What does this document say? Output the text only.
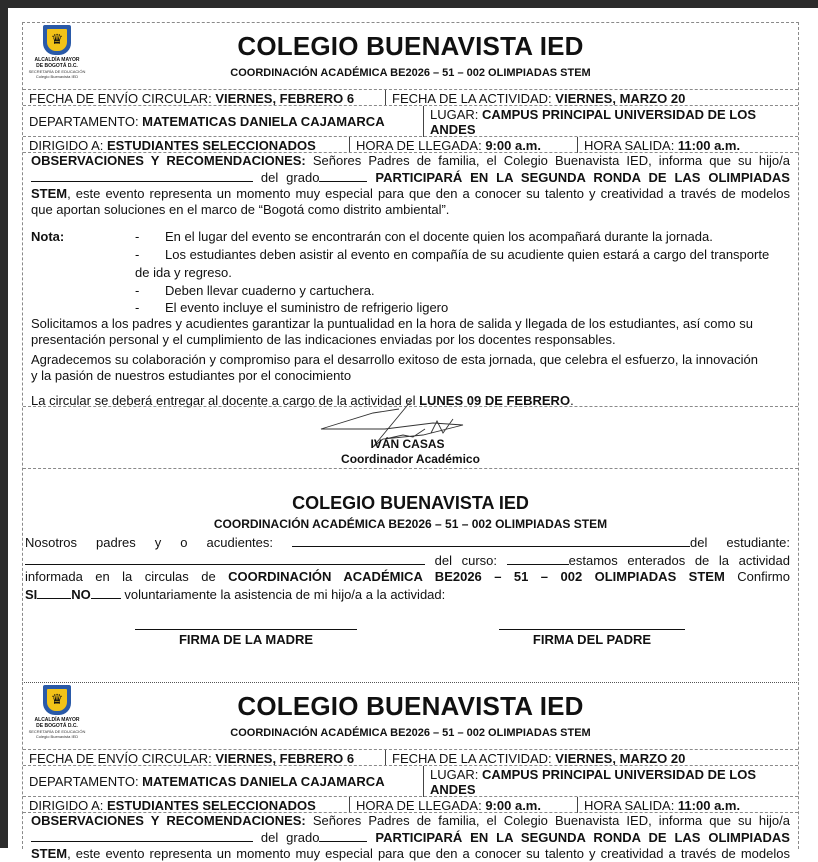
♛
ALCALDÍA MAYOR
DE BOGOTÁ D.C.
SECRETARÍA DE EDUCACIÓN
Colegio Buenavista IED
COLEGIO BUENAVISTA IED
COORDINACIÓN ACADÉMICA BE2026 – 51 – 002 OLIMPIADAS STEM
FECHA DE ENVÍO CIRCULAR: VIERNES, FEBRERO 6	FECHA DE LA ACTIVIDAD: VIERNES, MARZO 20
DEPARTAMENTO: MATEMATICAS DANIELA CAJAMARCA	LUGAR: CAMPUS PRINCIPAL UNIVERSIDAD DE LOS ANDES
DIRIGIDO A: ESTUDIANTES SELECCIONADOS	HORA DE LLEGADA: 9:00 a.m.	HORA SALIDA: 11:00 a.m.
OBSERVACIONES Y RECOMENDACIONES: Señores Padres de familia, el Colegio Buenavista IED, informa que su hijo/a
del grado	PARTICIPARÁ EN LA SEGUNDA RONDA DE LAS OLIMPIADAS
STEM, este evento representa un momento muy especial para que den a conocer su talento y creatividad a través de modelos
que aportan soluciones en el marco de “Bogotá como distrito ambiental”.
Nota:	-	En el lugar del evento se encontrarán con el docente quien los acompañará durante la jornada.
-	Los estudiantes deben asistir al evento en compañía de su acudiente quien estará a cargo del transporte
de ida y regreso.
-	Deben llevar cuaderno y cartuchera.
-	El evento incluye el suministro de refrigerio ligero
Solicitamos a los padres y acudientes garantizar la puntualidad en la hora de salida y llegada de los estudiantes, así como su
presentación personal y el cumplimiento de las indicaciones enviadas por los docentes responsables.
Agradecemos su colaboración y compromiso para el desarrollo exitoso de esta jornada, que celebra el esfuerzo, la innovación
y la pasión de nuestros estudiantes por el conocimiento
La circular se deberá entregar al docente a cargo de la actividad el LUNES 09 DE FEBRERO.
IVÁN CASAS
Coordinador Académico
COLEGIO BUENAVISTA IED
COORDINACIÓN ACADÉMICA BE2026 – 51 – 002 OLIMPIADAS STEM
Nosotros padres y o acudientes:	del estudiante:
del curso:	estamos enterados de la actividad
informada en la circulas de COORDINACIÓN ACADÉMICA BE2026 – 51 – 002 OLIMPIADAS STEM Confirmo
SI	NO voluntariamente la asistencia de mi hijo/a a la actividad:
FIRMA DE LA MADRE	FIRMA DEL PADRE
♛
ALCALDÍA MAYOR
DE BOGOTÁ D.C.
SECRETARÍA DE EDUCACIÓN
Colegio Buenavista IED
COLEGIO BUENAVISTA IED
COORDINACIÓN ACADÉMICA BE2026 – 51 – 002 OLIMPIADAS STEM
FECHA DE ENVÍO CIRCULAR: VIERNES, FEBRERO 6	FECHA DE LA ACTIVIDAD: VIERNES, MARZO 20
DEPARTAMENTO: MATEMATICAS DANIELA CAJAMARCA	LUGAR: CAMPUS PRINCIPAL UNIVERSIDAD DE LOS ANDES
DIRIGIDO A: ESTUDIANTES SELECCIONADOS	HORA DE LLEGADA: 9:00 a.m.	HORA SALIDA: 11:00 a.m.
OBSERVACIONES Y RECOMENDACIONES: Señores Padres de familia, el Colegio Buenavista IED, informa que su hijo/a
del grado	PARTICIPARÁ EN LA SEGUNDA RONDA DE LAS OLIMPIADAS
STEM, este evento representa un momento muy especial para que den a conocer su talento y creatividad a través de modelos
